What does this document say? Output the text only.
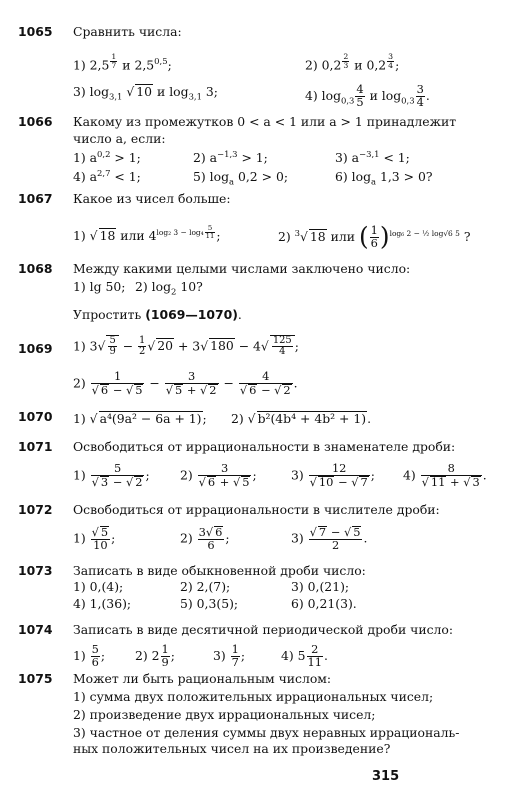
1065 Сравнить числа:
1) 2,5 $^{\frac{1}{7}}$ и 2,5$^{0,5}$;	2) 0,2 $^{\frac{2}{3}}$ и 0,2 $^{\frac{3}{4}}$ ;
3) $\log_{3,1}$ √ 10 и $\log_{3,1} 3$;	4) $\log_{0,3} \frac{4}{5}$ и $\log_{0,3} \frac{3}{4}$ .
1066 Какому из промежутков 0 < a < 1 или a > 1 принадлежит
число a, если:
1) $a^{0,2} > 1$;	2) $a^{-1,3} > 1$;	3) $a^{-3,1} < 1$;
4) $a^{2,7} < 1$;	5) $\log_a 0,2 > 0$;	6) $\log_a 1,3 > 0$?
1067 Какое из чисел больше:
1) √ 18 или $4^{log_2 3 - log_4 \frac{5}{11}}$ ;	2) $^3$√ 18 или ( $\frac{1}{6} )^{log_6 2 - \frac{1}{2} log√6 5}$ ?
1068 Между какими целыми числами заключено число:
1) lg 50; 2) $\log_2 10$?
Упростить (1069—1070).
1069 1) $3√ \frac{5}{9} - \frac{1}{2}$ √ 20 + 3√ $180 - 4√ \frac{125}{4}$ ;
$2) \frac{1}{√ 6 - √ 5} - \frac{3}{√ 5 + √ 2} - \frac{4}{√ 6 - √ 2}$ .
1070 1) √ a⁴(9a² − 6a + 1); 2) √ b²(4b⁴ + 4b² + 1).
1071 Освободиться от иррациональности в знаменателе дроби:
$1) \frac{5}{√ 3 - √ 2}$ ; $2) \frac{3}{√ 6 + √ 5}$ ;	$3) \frac{12}{√ 10 - √ 7}$ ; $4) \frac{8}{√ 11 + √ 3}$ .
1072 Освободиться от иррациональности в числителе дроби:
$1) \frac{√ 5}{10}$ ;	$2) \frac{3√ 6}{6}$ ;	$3) \frac{√ 7 - √ 5}{2}$ .
1073 Записать в виде обыкновенной дроби число:
1) 0,(4);	2) 2,(7);	3) 0,(21);
4) 1,(36);	5) 0,3(5);	6) 0,21(3).
1074 Записать в виде десятичной периодической дроби число:
$1) \frac{5}{6}$ ; 2) $2 \frac{1}{9}$ ;	$3) \frac{1}{7}$ ;	4) $5 \frac{2}{11}$ .
1075 Может ли быть рациональным числом:
1) сумма двух положительных иррациональных чисел;
2) произведение двух иррациональных чисел;
3) частное от деления суммы двух неравных иррациональ-
ных положительных чисел на их произведение?
315
